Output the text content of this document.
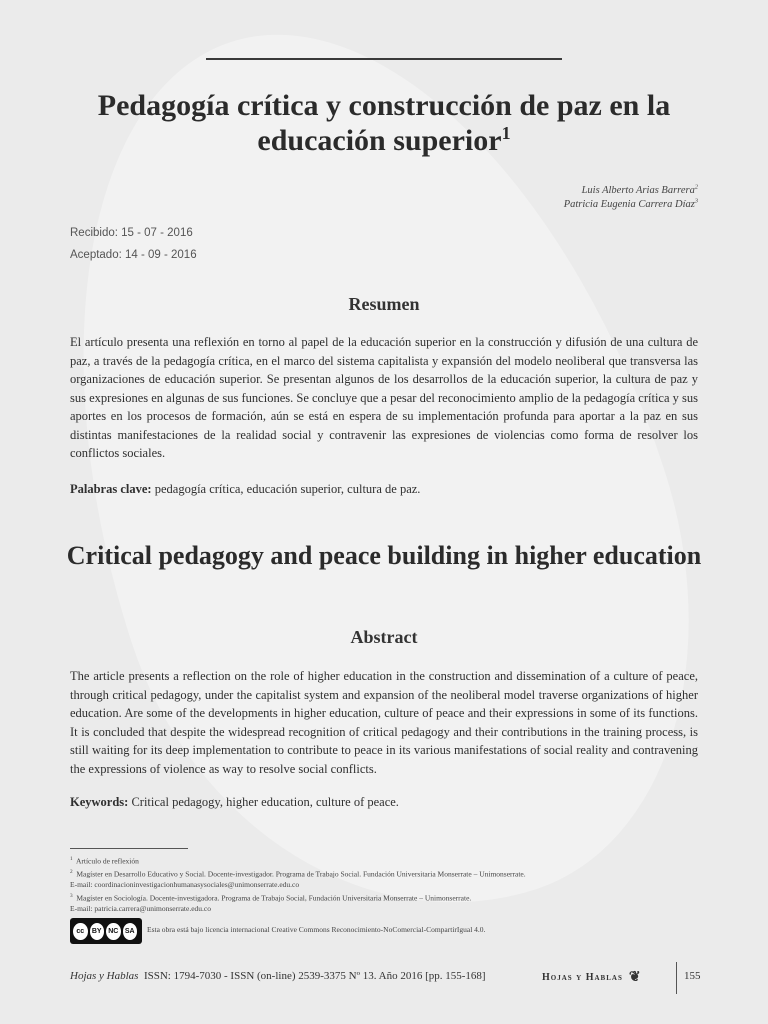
Pedagogía crítica y construcción de paz en la educación superior$^1$
Luis Alberto Arias Barrera$^2$
Patricia Eugenia Carrera Díaz$^3$
Recibido: 15 - 07 - 2016
Aceptado: 14 - 09 - 2016
Resumen
El artículo presenta una reflexión en torno al papel de la educación superior en la construcción y difusión de una cultura de paz, a través de la pedagogía crítica, en el marco del sistema capitalista y expansión del modelo neoliberal que transversa las organizaciones de educación superior. Se presentan algunos de los desarrollos de la educación superior, la cultura de paz y sus expresiones en algunas de sus funciones. Se concluye que a pesar del reconocimiento amplio de la pedagogía crítica y sus aportes en los procesos de formación, aún se está en espera de su implementación profunda para aportar a la paz en sus distintas manifestaciones de la realidad social y contravenir las expresiones de violencias como forma de resolver los conflictos sociales.
Palabras clave: pedagogía crítica, educación superior, cultura de paz.
Critical pedagogy and peace building in higher education
Abstract
The article presents a reflection on the role of higher education in the construction and dissemination of a culture of peace, through critical pedagogy, under the capitalist system and expansion of the neoliberal model traverse organizations of higher education. Are some of the developments in higher education, culture of peace and their expressions in some of its functions. It is concluded that despite the widespread recognition of critical pedagogy and their contributions in the training process, is still waiting for its deep implementation to contribute to peace in its various manifestations of social reality and contravening the expressions of violence as way to resolve social conflicts.
Keywords: Critical pedagogy, higher education, culture of peace.
$^1$ Artículo de reflexión
$^2$ Magíster en Desarrollo Educativo y Social. Docente-investigador. Programa de Trabajo Social. Fundación Universitaria Monserrate – Unimonserrate.
E-mail: coordinacioninvestigacionhumanasysociales@unimonserrate.edu.co
$^3$ Magíster en Sociología. Docente-investigadora. Programa de Trabajo Social, Fundación Universitaria Monserrate – Unimonserrate.
E-mail: patricia.carrera@unimonserrate.edu.co
cc	BY NC SA	Esta obra está bajo licencia internacional Creative Commons Reconocimiento-NoComercial-CompartirIgual 4.0.
Hojas y Hablas ISSN: 1794-7030 - ISSN (on-line) 2539-3375 Nº 13. Año 2016 [pp. 155-168]	Hojas y Hablas ❦	155
